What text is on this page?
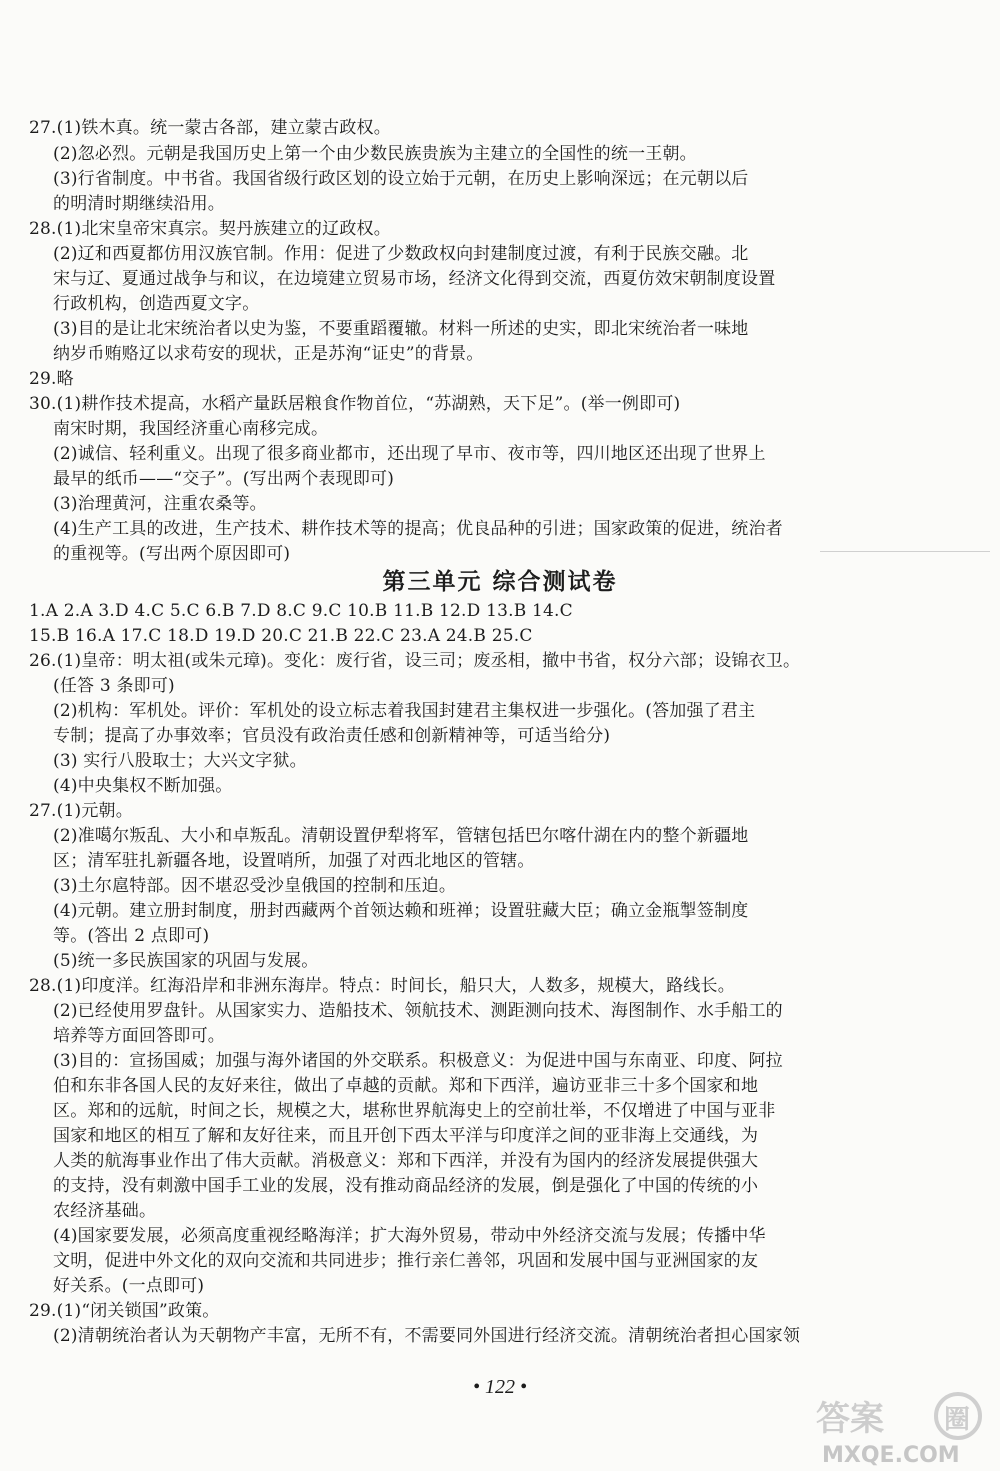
27.(1)铁木真。统一蒙古各部，建立蒙古政权。
(2)忽必烈。元朝是我国历史上第一个由少数民族贵族为主建立的全国性的统一王朝。
(3)行省制度。中书省。我国省级行政区划的设立始于元朝，在历史上影响深远；在元朝以后
的明清时期继续沿用。
28.(1)北宋皇帝宋真宗。契丹族建立的辽政权。
(2)辽和西夏都仿用汉族官制。作用：促进了少数政权向封建制度过渡，有利于民族交融。北
宋与辽、夏通过战争与和议，在边境建立贸易市场，经济文化得到交流，西夏仿效宋朝制度设置
行政机构，创造西夏文字。
(3)目的是让北宋统治者以史为鉴，不要重蹈覆辙。材料一所述的史实，即北宋统治者一味地
纳岁币贿赂辽以求苟安的现状，正是苏洵“证史”的背景。
29.略
30.(1)耕作技术提高，水稻产量跃居粮食作物首位，“苏湖熟，天下足”。(举一例即可)
南宋时期，我国经济重心南移完成。
(2)诚信、轻利重义。出现了很多商业都市，还出现了早市、夜市等，四川地区还出现了世界上
最早的纸币——“交子”。(写出两个表现即可)
(3)治理黄河，注重农桑等。
(4)生产工具的改进，生产技术、耕作技术等的提高；优良品种的引进；国家政策的促进，统治者
的重视等。(写出两个原因即可)
1.A 2.A 3.D 4.C 5.C 6.B 7.D 8.C 9.C 10.B 11.B 12.D 13.B 14.C
15.B 16.A 17.C 18.D 19.D 20.C 21.B 22.C 23.A 24.B 25.C
26.(1)皇帝：明太祖(或朱元璋)。变化：废行省，设三司；废丞相，撤中书省，权分六部；设锦衣卫。
(任答 3 条即可)
(2)机构：军机处。评价：军机处的设立标志着我国封建君主集权进一步强化。(答加强了君主
专制；提高了办事效率；官员没有政治责任感和创新精神等，可适当给分)
(3) 实行八股取士；大兴文字狱。
(4)中央集权不断加强。
27.(1)元朝。
(2)准噶尔叛乱、大小和卓叛乱。清朝设置伊犁将军，管辖包括巴尔喀什湖在内的整个新疆地
区；清军驻扎新疆各地，设置哨所，加强了对西北地区的管辖。
(3)土尔扈特部。因不堪忍受沙皇俄国的控制和压迫。
(4)元朝。建立册封制度，册封西藏两个首领达赖和班禅；设置驻藏大臣；确立金瓶掣签制度
等。(答出 2 点即可)
(5)统一多民族国家的巩固与发展。
28.(1)印度洋。红海沿岸和非洲东海岸。特点：时间长，船只大，人数多，规模大，路线长。
(2)已经使用罗盘针。从国家实力、造船技术、领航技术、测距测向技术、海图制作、水手船工的
培养等方面回答即可。
(3)目的：宣扬国威；加强与海外诸国的外交联系。积极意义：为促进中国与东南亚、印度、阿拉
伯和东非各国人民的友好来往，做出了卓越的贡献。郑和下西洋，遍访亚非三十多个国家和地
区。郑和的远航，时间之长，规模之大，堪称世界航海史上的空前壮举，不仅增进了中国与亚非
国家和地区的相互了解和友好往来，而且开创下西太平洋与印度洋之间的亚非海上交通线，为
人类的航海事业作出了伟大贡献。消极意义：郑和下西洋，并没有为国内的经济发展提供强大
的支持，没有刺激中国手工业的发展，没有推动商品经济的发展，倒是强化了中国的传统的小
农经济基础。
(4)国家要发展，必须高度重视经略海洋；扩大海外贸易，带动中外经济交流与发展；传播中华
文明，促进中外文化的双向交流和共同进步；推行亲仁善邻，巩固和发展中国与亚洲国家的友
好关系。(一点即可)
29.(1)“闭关锁国”政策。
(2)清朝统治者认为天朝物产丰富，无所不有，不需要同外国进行经济交流。清朝统治者担心国家领
第三单元 综合测试卷
• 122 •
答案 圈
MXQE.COM
